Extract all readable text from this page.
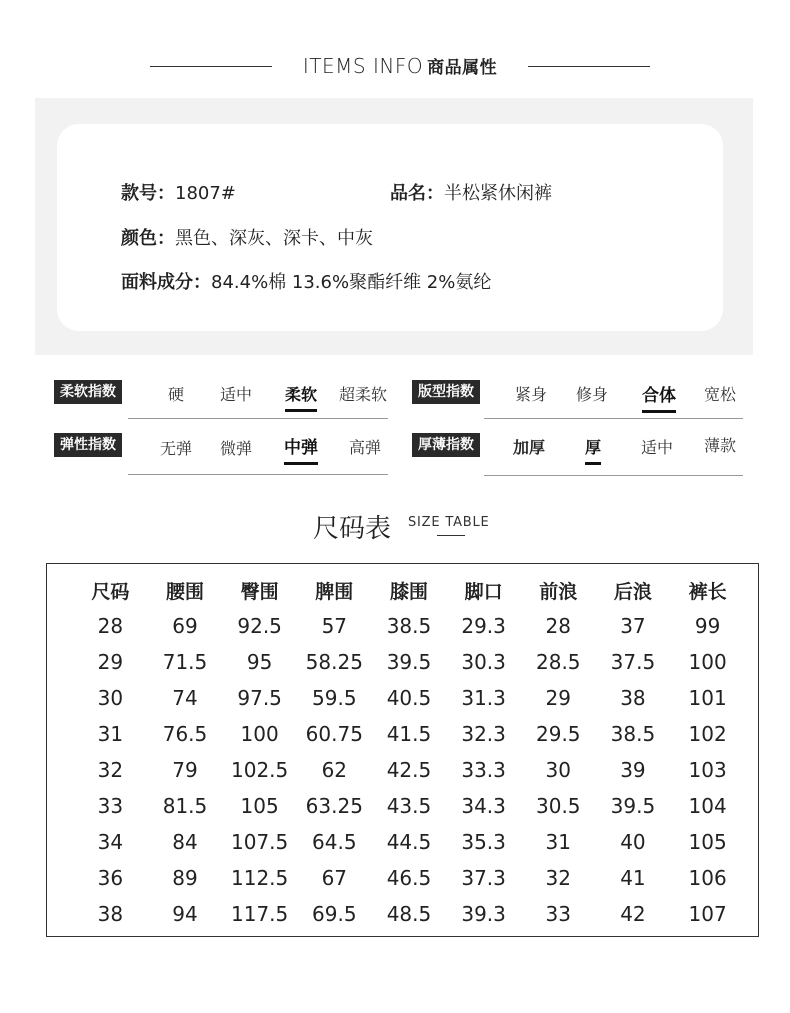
ITEMS INFO 商品属性
款号：1807#	品名：半松紧休闲裤
颜色：黑色、深灰、深卡、中灰
面料成分：84.4%棉 13.6%聚酯纤维 2%氨纶
柔软指数	硬 适中 柔软 超柔软	版型指数	紧身 修身 合体 宽松
弹性指数	无弹 微弹 中弹 高弹	厚薄指数	加厚 厚 适中 薄款
尺码表 SIZE TABLE
尺码	腰围	臀围	脾围	膝围	脚口	前浪	后浪	裤长
28	69	92.5	57	38.5	29.3	28	37	99
29	71.5	95	58.25	39.5	30.3	28.5	37.5	100
30	74	97.5	59.5	40.5	31.3	29	38	101
31	76.5	100	60.75	41.5	32.3	29.5	38.5	102
32	79	102.5	62	42.5	33.3	30	39	103
33	81.5	105	63.25	43.5	34.3	30.5	39.5	104
34	84	107.5	64.5	44.5	35.3	31	40	105
36	89	112.5	67	46.5	37.3	32	41	106
38	94	117.5	69.5	48.5	39.3	33	42	107
